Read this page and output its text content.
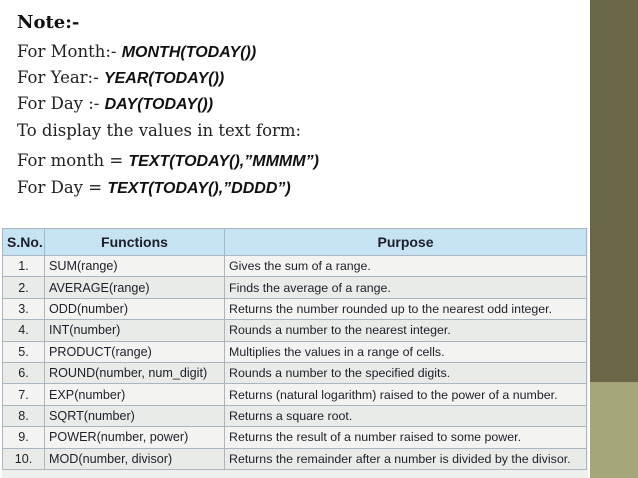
Note:-
For Month:- MONTH(TODAY())
For Year:- YEAR(TODAY())
For Day :- DAY(TODAY())
To display the values in text form:
For month = TEXT(TODAY(),”MMMM”)
For Day = TEXT(TODAY(),”DDDD”)
S.No.	Functions	Purpose
1.	SUM(range)	Gives the sum of a range.
2.	AVERAGE(range)	Finds the average of a range.
3.	ODD(number)	Returns the number rounded up to the nearest odd integer.
4.	INT(number)	Rounds a number to the nearest integer.
5.	PRODUCT(range)	Multiplies the values in a range of cells.
6.	ROUND(number, num_digit)	Rounds a number to the specified digits.
7.	EXP(number)	Returns (natural logarithm) raised to the power of a number.
8.	SQRT(number)	Returns a square root.
9.	POWER(number, power)	Returns the result of a number raised to some power.
10.	MOD(number, divisor)	Returns the remainder after a number is divided by the divisor.
